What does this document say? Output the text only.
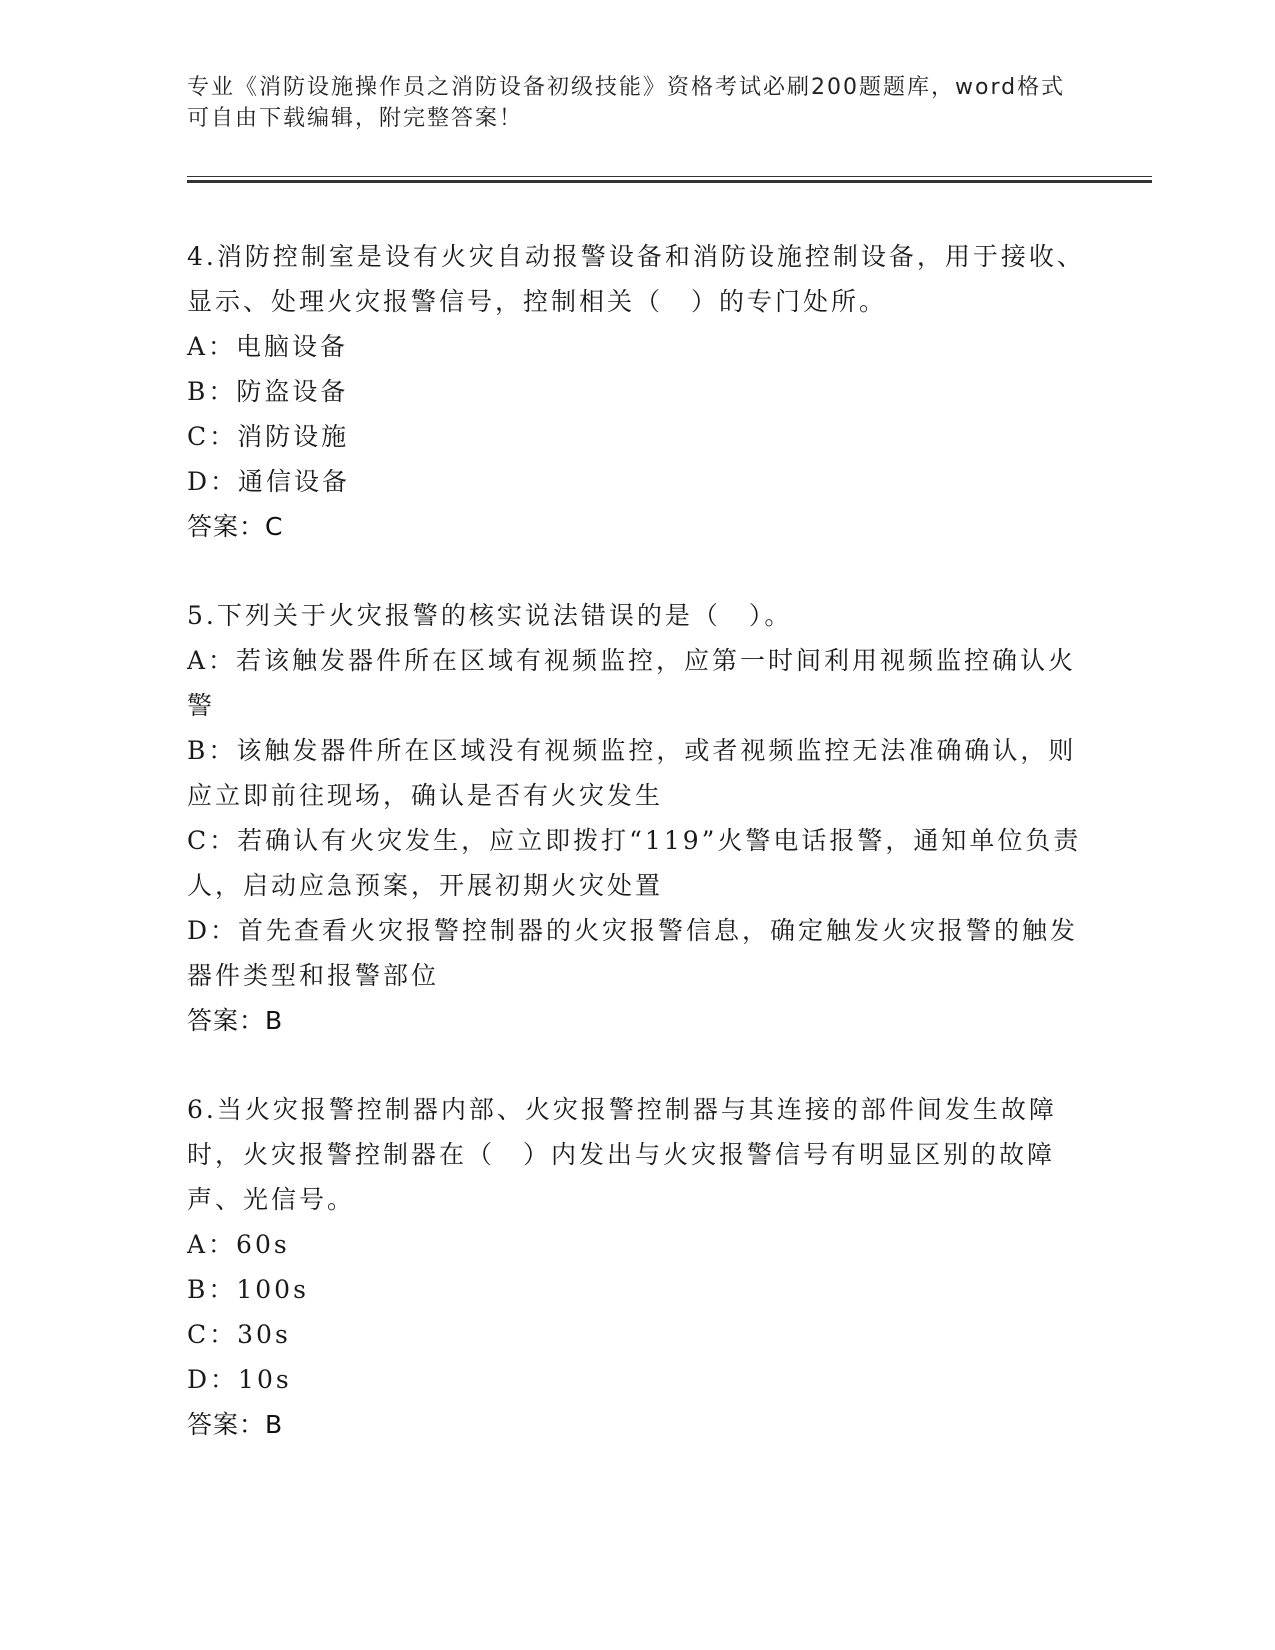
专业《消防设施操作员之消防设备初级技能》资格考试必刷200题题库，word格式可自由下载编辑，附完整答案！
4.消防控制室是设有火灾自动报警设备和消防设施控制设备，用于接收、显示、处理火灾报警信号，控制相关（　）的专门处所。
A：电脑设备
B：防盗设备
C：消防设施
D：通信设备
答案：C
5.下列关于火灾报警的核实说法错误的是（　）。
A：若该触发器件所在区域有视频监控，应第一时间利用视频监控确认火警
B：该触发器件所在区域没有视频监控，或者视频监控无法准确确认，则应立即前往现场，确认是否有火灾发生
C：若确认有火灾发生，应立即拨打“119”火警电话报警，通知单位负责人，启动应急预案，开展初期火灾处置
D：首先查看火灾报警控制器的火灾报警信息，确定触发火灾报警的触发器件类型和报警部位
答案：B
6.当火灾报警控制器内部、火灾报警控制器与其连接的部件间发生故障时，火灾报警控制器在（　）内发出与火灾报警信号有明显区别的故障声、光信号。
A：60s
B：100s
C：30s
D：10s
答案：B
